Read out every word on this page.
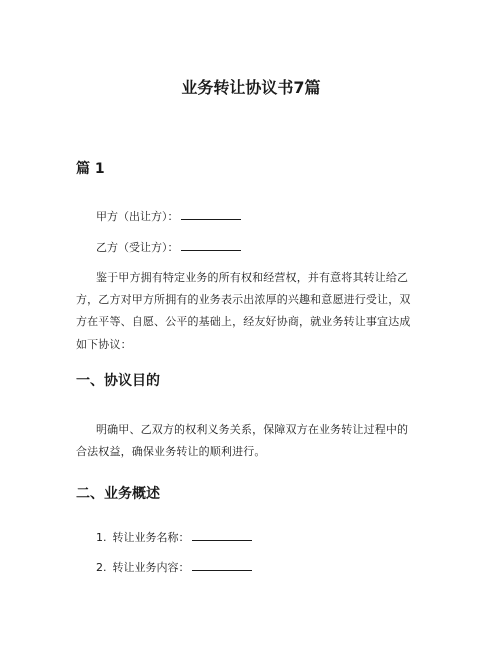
业务转让协议书7篇
篇 1
甲方（出让方）：
乙方（受让方）：
鉴于甲方拥有特定业务的所有权和经营权，并有意将其转让给乙
方，乙方对甲方所拥有的业务表示出浓厚的兴趣和意愿进行受让，双
方在平等、自愿、公平的基础上，经友好协商，就业务转让事宜达成
如下协议：
一、协议目的
明确甲、乙双方的权利义务关系，保障双方在业务转让过程中的
合法权益，确保业务转让的顺利进行。
二、业务概述
1. 转让业务名称：
2. 转让业务内容：
